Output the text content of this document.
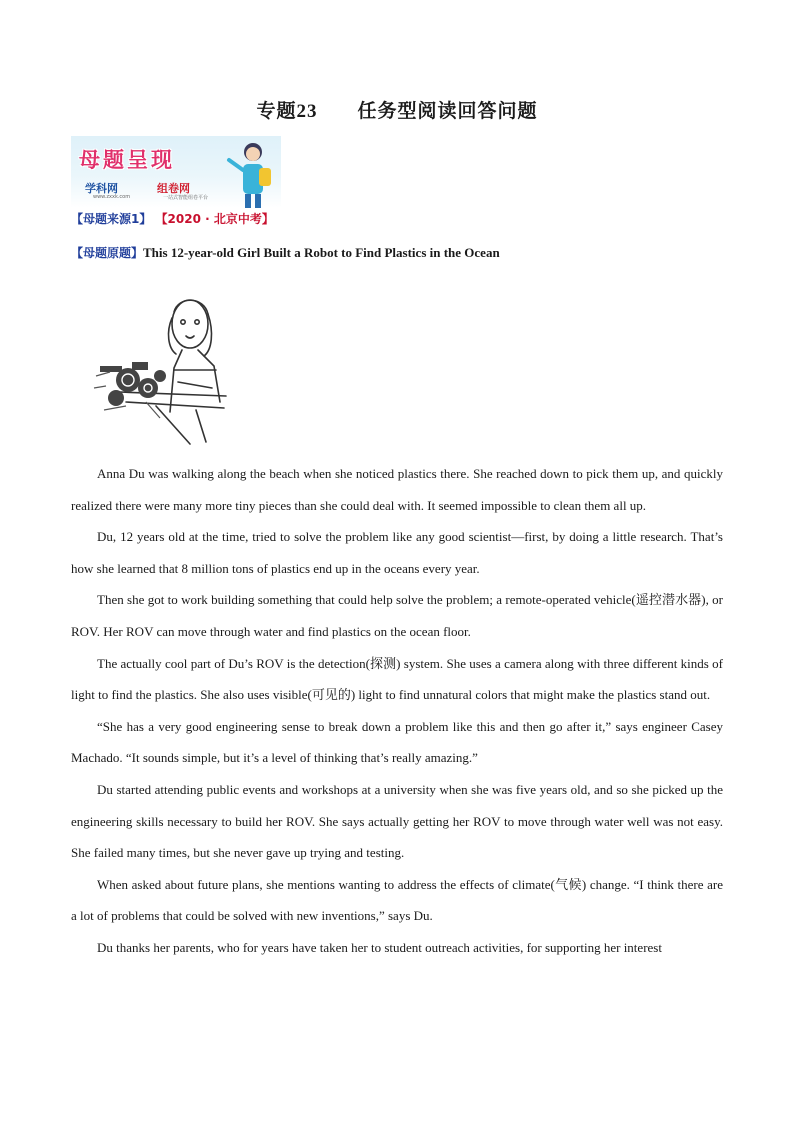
专题23　　任务型阅读回答问题
母题呈现
学科网
www.zxxk.com
组卷网
一站式智能组卷平台
【母题来源1】 【2020 · 北京中考】
【母题原题】This 12-year-old Girl Built a Robot to Find Plastics in the Ocean

Anna Du was walking along the beach when she noticed plastics there. She reached down to pick them up, and quickly realized there were many more tiny pieces than she could deal with. It seemed impossible to clean them all up.

Du, 12 years old at the time, tried to solve the problem like any good scientist—first, by doing a little research. That’s how she learned that 8 million tons of plastics end up in the oceans every year.

Then she got to work building something that could help solve the problem; a remote-operated vehicle(遥控潜水器), or ROV. Her ROV can move through water and find plastics on the ocean floor.

The actually cool part of Du’s ROV is the detection(探测) system. She uses a camera along with three different kinds of light to find the plastics. She also uses visible(可见的) light to find unnatural colors that might make the plastics stand out.

“She has a very good engineering sense to break down a problem like this and then go after it,” says engineer Casey Machado. “It sounds simple, but it’s a level of thinking that’s really amazing.”

Du started attending public events and workshops at a university when she was five years old, and so she picked up the engineering skills necessary to build her ROV. She says actually getting her ROV to move through water well was not easy. She failed many times, but she never gave up trying and testing.

When asked about future plans, she mentions wanting to address the effects of climate(气候) change. “I think there are a lot of problems that could be solved with new inventions,” says Du.

Du thanks her parents, who for years have taken her to student outreach activities, for supporting her interest
